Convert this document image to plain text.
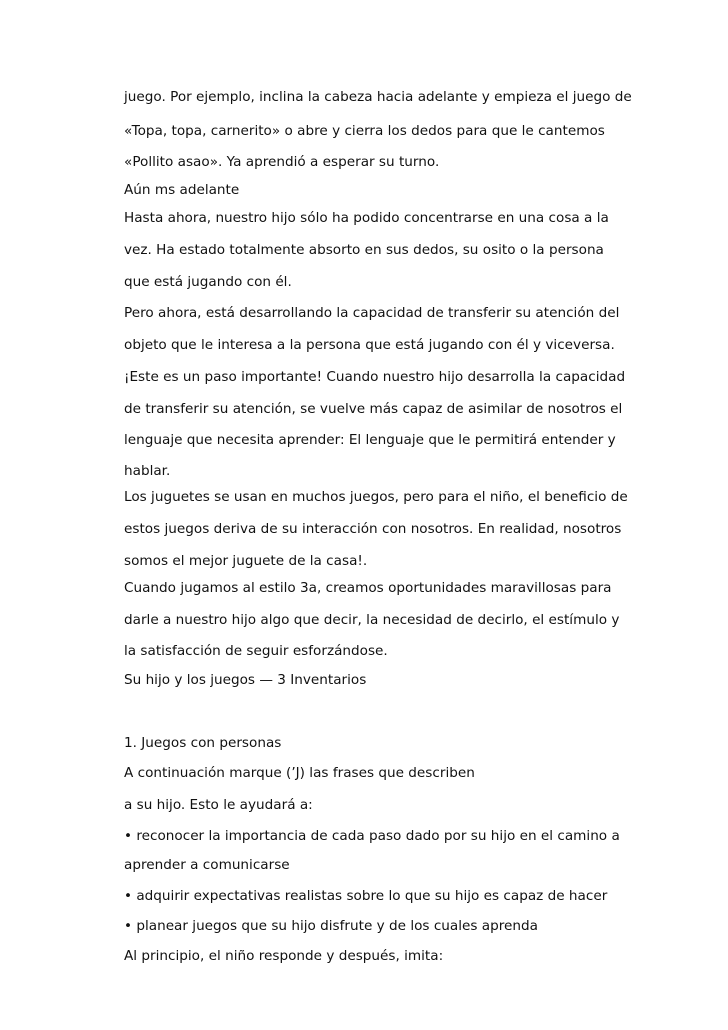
juego. Por ejemplo, inclina la cabeza hacia adelante y empieza el juego de
«Topa, topa, carnerito» o abre y cierra los dedos para que le cantemos
«Pollito asao». Ya aprendió a esperar su turno.
Aún ms adelante
Hasta ahora, nuestro hijo sólo ha podido concentrarse en una cosa a la
vez. Ha estado totalmente absorto en sus dedos, su osito o la persona
que está jugando con él.
Pero ahora, está desarrollando la capacidad de transferir su atención del
objeto que le interesa a la persona que está jugando con él y viceversa.
¡Este es un paso importante! Cuando nuestro hijo desarrolla la capacidad
de transferir su atención, se vuelve más capaz de asimilar de nosotros el
lenguaje que necesita aprender: El lenguaje que le permitirá entender y
hablar.
Los juguetes se usan en muchos juegos, pero para el niño, el beneficio de
estos juegos deriva de su interacción con nosotros. En realidad, nosotros
somos el mejor juguete de la casa!.
Cuando jugamos al estilo 3a, creamos oportunidades maravillosas para
darle a nuestro hijo algo que decir, la necesidad de decirlo, el estímulo y
la satisfacción de seguir esforzándose.
Su hijo y los juegos — 3 Inventarios
1. Juegos con personas
A continuación marque (’J) las frases que describen
a su hijo. Esto le ayudará a:
• reconocer la importancia de cada paso dado por su hijo en el camino a
aprender a comunicarse
• adquirir expectativas realistas sobre lo que su hijo es capaz de hacer
• planear juegos que su hijo disfrute y de los cuales aprenda
Al principio, el niño responde y después, imita:
